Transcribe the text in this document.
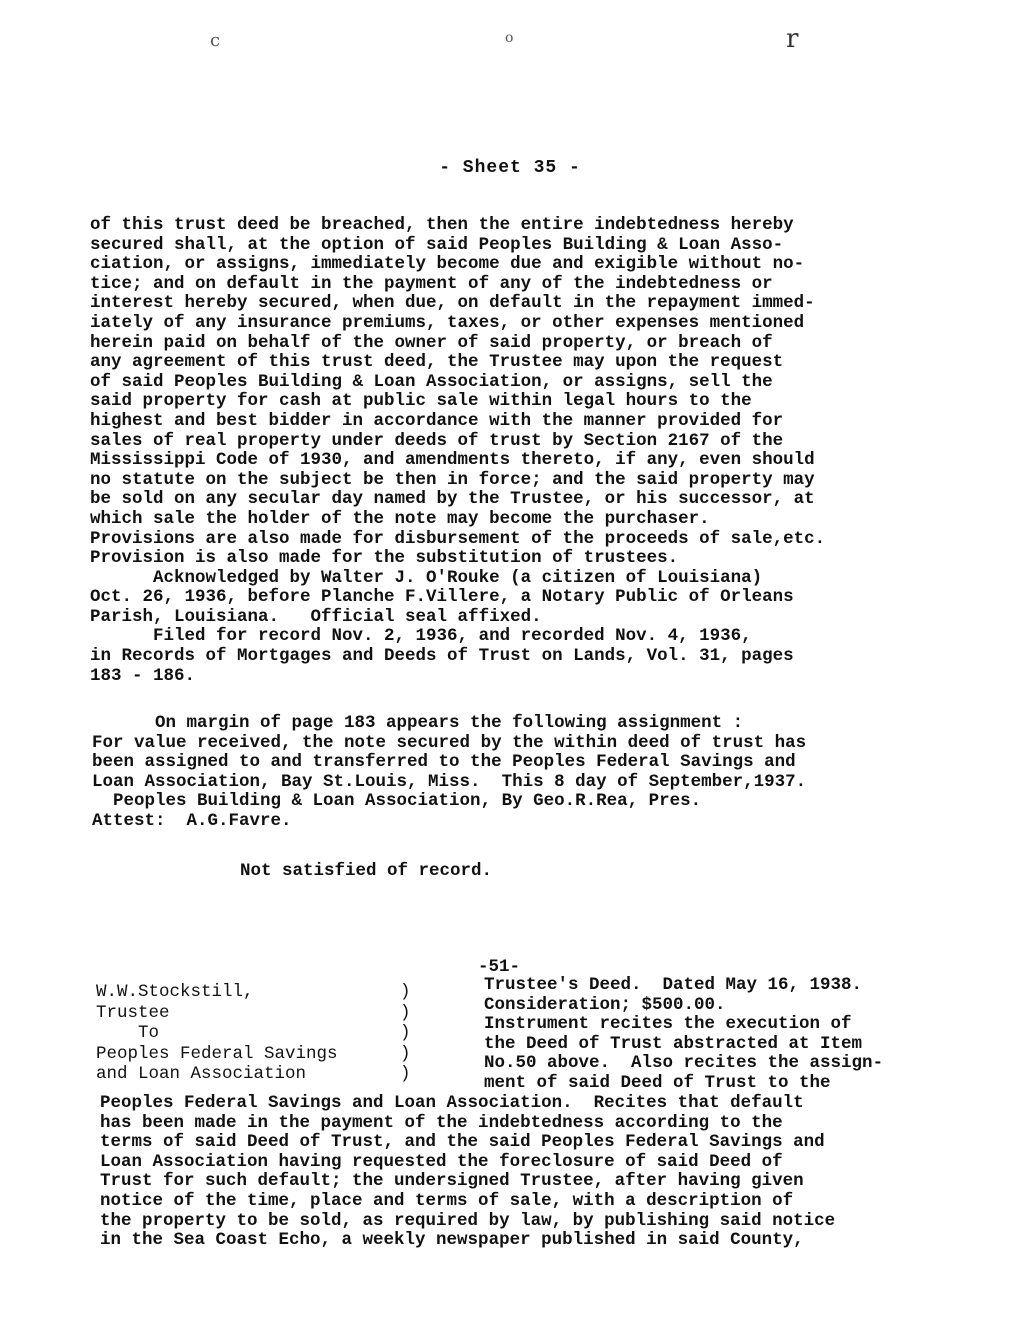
c	o	r
- Sheet 35 -
of this trust deed be breached, then the entire indebtedness hereby
secured shall, at the option of said Peoples Building & Loan Asso-
ciation, or assigns, immediately become due and exigible without no-
tice; and on default in the payment of any of the indebtedness or
interest hereby secured, when due, on default in the repayment immed-
iately of any insurance premiums, taxes, or other expenses mentioned
herein paid on behalf of the owner of said property, or breach of
any agreement of this trust deed, the Trustee may upon the request
of said Peoples Building & Loan Association, or assigns, sell the
said property for cash at public sale within legal hours to the
highest and best bidder in accordance with the manner provided for
sales of real property under deeds of trust by Section 2167 of the
Mississippi Code of 1930, and amendments thereto, if any, even should
no statute on the subject be then in force; and the said property may
be sold on any secular day named by the Trustee, or his successor, at
which sale the holder of the note may become the purchaser.
Provisions are also made for disbursement of the proceeds of sale,etc.
Provision is also made for the substitution of trustees.
Acknowledged by Walter J. O'Rouke (a citizen of Louisiana)
Oct. 26, 1936, before Planche F.Villere, a Notary Public of Orleans
Parish, Louisiana.   Official seal affixed.
Filed for record Nov. 2, 1936, and recorded Nov. 4, 1936,
in Records of Mortgages and Deeds of Trust on Lands, Vol. 31, pages
183 - 186.
On margin of page 183 appears the following assignment :
For value received, the note secured by the within deed of trust has
been assigned to and transferred to the Peoples Federal Savings and
Loan Association, Bay St.Louis, Miss.  This 8 day of September,1937.
Peoples Building & Loan Association, By Geo.R.Rea, Pres.
Attest:  A.G.Favre.
Not satisfied of record.
-51-
W.W.Stockstill,
Trustee
To
Peoples Federal Savings
and Loan Association
)
)
)
)
)
Trustee's Deed.  Dated May 16, 1938.
Consideration; $500.00.
Instrument recites the execution of
the Deed of Trust abstracted at Item
No.50 above.  Also recites the assign-
ment of said Deed of Trust to the
Peoples Federal Savings and Loan Association.  Recites that default
has been made in the payment of the indebtedness according to the
terms of said Deed of Trust, and the said Peoples Federal Savings and
Loan Association having requested the foreclosure of said Deed of
Trust for such default; the undersigned Trustee, after having given
notice of the time, place and terms of sale, with a description of
the property to be sold, as required by law, by publishing said notice
in the Sea Coast Echo, a weekly newspaper published in said County,
